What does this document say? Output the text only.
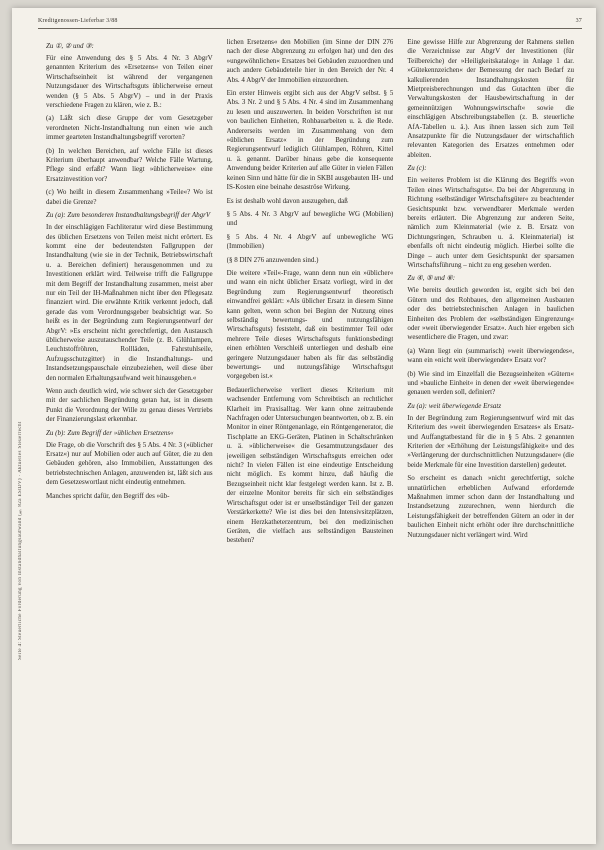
Kreditgenossen-Lieferbar 3/88	37
Seite 4: Steuerliche Förderung von Instandhaltungsaufwand (§ 82a EStDV) · Aktuelles Steuerrecht
Zu ①, ② und ③:

Für eine Anwendung des § 5 Abs. 4 Nr. 3 AbgrV genannten Kriterium des »Ersetzens« von Teilen einer Wirtschaftseinheit ist während der vergangenen Nutzungsdauer des Wirtschaftsguts üblicherweise erneut wenden (§ 5 Abs. 5 AbgrV) – und in der Praxis verschiedene Fragen zu klären, wie z. B.:

(a) Läßt sich diese Gruppe der vom Gesetzgeber verordneten Nicht-Instandhaltung nun einen wie auch immer gearteten Instandhaltungsbegriff verorten?

(b) In welchen Bereichen, auf welche Fälle ist dieses Kriterium überhaupt anwendbar? Welche Fälle Wartung, Pflege sind erfaßt? Wann liegt »üblicherweise« eine Ersatzinvestition vor?

(c) Wo heißt in diesem Zusammenhang »Teile«? Wo ist dabei die Grenze?

Zu (a): Zum besonderen Instandhaltungsbegriff der AbgrV

In der einschlägigen Fachliteratur wird diese Bestimmung des üblichen Ersetzens von Teilen meist nicht erörtert. Es kommt eine der bedeutendsten Fallgruppen der Instandhaltung (wie sie in der Technik, Betriebswirtschaft u. a. Bereichen definiert) herausgenommen und zu Investitionen erklärt wird. Teilweise trifft die Fallgruppe mit dem Begriff der Instandhaltung zusammen, meist aber nur ein Teil der IH-Maßnahmen nicht über den Pflegesatz finanziert wird. Die erwähnte Kritik verkennt jedoch, daß gerade das vom Verordnungsgeber beabsichtigt war. So heißt es in der Begründung zum Regierungsentwurf der AbgrV: »Es erscheint nicht gerechtfertigt, den Austausch üblicherweise auszutauschender Teile (z. B. Glühlampen, Leuchtstoffröhren, Rollläden, Fahrstuhlseile, Aufzugsschutzgitter) in die Instandhaltungs- und Instandsetzungspauschale einzubeziehen, weil diese über den normalen Erhaltungsaufwand weit hinausgehen.«

Wenn auch deutlich wird, wie schwer sich der Gesetzgeber mit der sachlichen Begründung getan hat, ist in diesem Punkt die Verordnung der Wille zu genau dieses Vertriebs der Finanzierungslast erkennbar.

Zu (b): Zum Begriff der »üblichen Ersetzens«

Die Frage, ob die Vorschrift des § 5 Abs. 4 Nr. 3 (»üblicher Ersatz«) nur auf Mobilien oder auch auf Güter, die zu den Gebäuden gehören, also Immobilien, Ausstattungen des betriebstechnischen Anlagen, anzuwenden ist, läßt sich aus dem Gesetzeswortlaut nicht eindeutig entnehmen.

Manches spricht dafür, den Begriff des »üb-

lichen Ersetzens« den Mobilien (im Sinne der DIN 276 nach der diese Abgrenzung zu erfolgen hat) und den des »ungewöhnlichen« Ersatzes bei Gebäuden zuzuordnen und auch andere Gebäudeteile hier in den Bereich der Nr. 4 Abs. 4 AbgrV der Immobilien einzuordnen.

Ein erster Hinweis ergibt sich aus der AbgrV selbst. § 5 Abs. 3 Nr. 2 und § 5 Abs. 4 Nr. 4 sind im Zusammenhang zu lesen und auszuwerten. In beiden Vorschriften ist nur von baulichen Einheiten, Rohbauarbeiten u. ä. die Rede. Andererseits werden im Zusammenhang von dem »üblichen Ersatz« in der Begründung zum Regierungsentwurf lediglich Glühlampen, Röhren, Kittel u. ä. genannt. Darüber hinaus gebe die konsequente Anwendung beider Kriterien auf alle Güter in vielen Fällen keinen Sinn und hätte für die in SKBI ausgebauten IH- und IS-Kosten eine beinahe desaströse Wirkung.

Es ist deshalb wohl davon auszugehen, daß

§ 5 Abs. 4 Nr. 3 AbgrV auf bewegliche WG (Mobilien) und

§ 5 Abs. 4 Nr. 4 AbgrV auf unbewegliche WG (Immobilien)

(§ 8 DIN 276 anzuwenden sind.)

Die weitere »Teil«-Frage, wann denn nun ein »üblicher« und wann ein nicht üblicher Ersatz vorliegt, wird in der Begründung zum Regierungsentwurf theoretisch einwandfrei geklärt: »Als üblicher Ersatz in diesem Sinne kann gelten, wenn schon bei Beginn der Nutzung eines selbständig bewertungs- und nutzungsfähigen Wirtschaftsguts) feststeht, daß ein bestimmter Teil oder mehrere Teile dieses Wirtschaftsguts funktionsbedingt einen erhöhten Verschleiß unterliegen und deshalb eine geringere Nutzungsdauer haben als für das selbständig bewertungs- und nutzungsfähige Wirtschaftsgut vorgegeben ist.«

Bedauerlicherweise verliert dieses Kriterium mit wachsender Entfernung vom Schreibtisch an rechtlicher Klarheit im Praxisalltag. Wer kann ohne zeitraubende Nachfragen oder Untersuchungen beantworten, ob z. B. ein Monitor in einer Röntgenanlage, ein Röntgengenerator, die Tischplatte an EKG-Geräten, Platinen in Schaltschränken u. ä. »üblicherweise« die Gesamtnutzungsdauer des jeweiligen selbständigen Wirtschaftsguts erreichen oder nicht? In vielen Fällen ist eine eindeutige Entscheidung nicht möglich. Es kommt hinzu, daß häufig die Bezugseinheit nicht klar festgelegt werden kann. Ist z. B. der einzelne Monitor bereits für sich ein selbständiges Wirtschaftsgut oder ist er unselbständiger Teil der ganzen Verstärkerkette? Wie ist dies bei den Intensivsitzplätzen, einem Herzkatheterzentrum, bei den medizinischen Geräten, die vielfach aus selbständigen Bausteinen bestehen?

Eine gewisse Hilfe zur Abgrenzung der Rahmens stellen die Verzeichnisse zur AbgrV der Investitionen (für Teilbereiche) der »Heiligkeitskatalog« in Anlage 1 dar. »Gütekennzeichen« der Bemessung der nach Bedarf zu kalkulierenden Instandhaltungskosten für Mietpreisberechnungen und das Gutachten über die Verwaltungskosten der Hausbewirtschaftung in der gemeinnützigen Wohnungswirtschaft« sowie die einschlägigen Abschreibungstabellen (z. B. steuerliche AfA-Tabellen u. ä.). Aus ihnen lassen sich zum Teil Ansatzpunkte für die Nutzungsdauer der wirtschaftlich relevanten Kategorien des Ersatzes entnehmen oder ableiten.

Zu (c):

Ein weiteres Problem ist die Klärung des Begriffs »von Teilen eines Wirtschaftsguts«. Da bei der Abgrenzung in Richtung »selbständiger Wirtschaftsgüter« zu beachtender Gesichtspunkt bzw. verwendbarer Merkmale werden bereits erläutert. Die Abgrenzung zur anderen Seite, nämlich zum Kleinmaterial (wie z. B. Ersatz von Dichtungsringen, Schrauben u. ä. Kleinmaterial) ist ebenfalls oft nicht eindeutig möglich. Hierbei sollte die Dinge – auch unter dem Gesichtspunkt der sparsamen Wirtschaftsführung – nicht zu eng gesehen werden.

Zu ④, ⑤ und ⑥:

Wie bereits deutlich geworden ist, ergibt sich bei den Gütern und des Rohbaues, den allgemeinen Ausbauten oder des betriebstechnischen Anlagen in baulichen Einheiten des Problem der »selbständigen Eingrenzung« oder »weit überwiegender Ersatz«. Auch hier ergeben sich wesentlichere die Fragen, und zwar:

(a) Wann liegt ein (summarisch) »weit überwiegendes«, wann ein »nicht weit überwiegender« Ersatz vor?

(b) Wie sind im Einzelfall die Bezugseinheiten »Gütern« und »bauliche Einheit« in denen der »weit überwiegende« genauen werden soll, definiert?

Zu (a): weit überwiegende Ersatz

In der Begründung zum Regierungsentwurf wird mit das Kriterium des »weit überwiegenden Ersatzes« als Ersatz- und Auffangtatbestand für die in § 5 Abs. 2 genannten Kriterien der »Erhöhung der Leistungsfähigkeit« und des »Verlängerung der durchschnittlichen Nutzungsdauer« (die beide Merkmale für eine Investition darstellen) gedeutet.

So erscheint es danach »nicht gerechtfertigt, solche unnatürlichen erheblichen Aufwand erfordernde Maßnahmen immer schon dann der Instandhaltung und Instandsetzung zuzurechnen, wenn hierdurch die Leistungsfähigkeit der betreffenden Gütern an oder in der baulichen Einheit nicht erhöht oder ihre durchschnittliche Nutzungsdauer nicht verlängert wird. Wird
